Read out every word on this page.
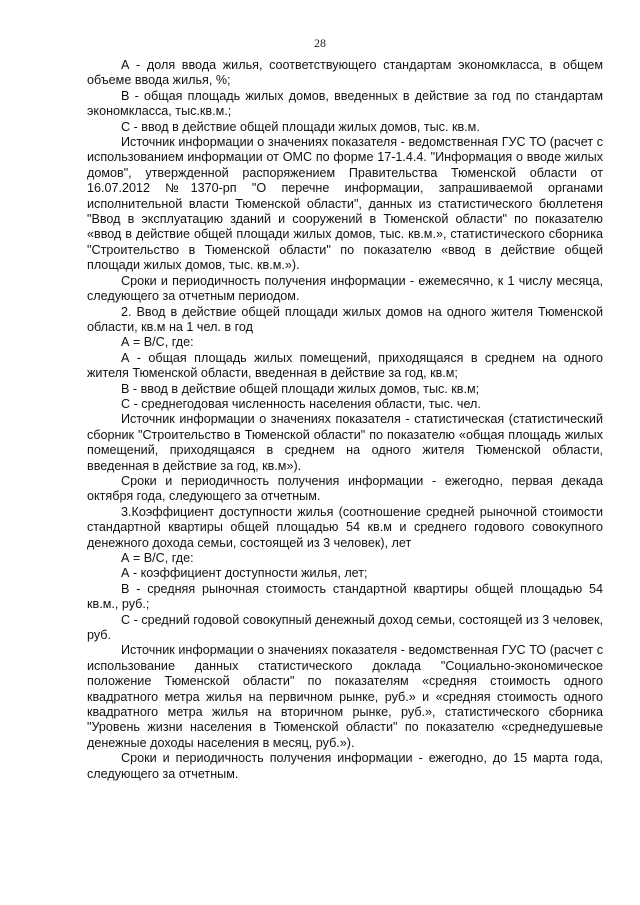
28

А - доля ввода жилья, соответствующего стандартам экономкласса, в общем объеме ввода жилья, %;

В - общая площадь жилых домов, введенных в действие за год по стандартам экономкласса, тыс.кв.м.;

С - ввод в действие общей площади жилых домов, тыс. кв.м.

Источник информации о значениях показателя - ведомственная ГУС ТО (расчет с использованием информации от ОМС по форме 17-1.4.4. "Информация о вводе жилых домов", утвержденной распоряжением Правительства Тюменской области от 16.07.2012 №1370-рп "О перечне информации, запрашиваемой органами исполнительной власти Тюменской области", данных из статистического бюллетеня "Ввод в эксплуатацию зданий и сооружений в Тюменской области" по показателю «ввод в действие общей площади жилых домов, тыс. кв.м.», статистического сборника "Строительство в Тюменской области" по показателю «ввод в действие общей площади жилых домов, тыс. кв.м.»).

Сроки и периодичность получения информации - ежемесячно, к 1 числу месяца, следующего за отчетным периодом.

2. Ввод в действие общей площади жилых домов на одного жителя Тюменской области, кв.м на 1 чел. в год

А = В/С, где:

А - общая площадь жилых помещений, приходящаяся в среднем на одного жителя Тюменской области, введенная в действие за год, кв.м;

В - ввод в действие общей площади жилых домов, тыс. кв.м;

С - среднегодовая численность населения области, тыс. чел.

Источник информации о значениях показателя - статистическая (статистический сборник "Строительство в Тюменской области" по показателю «общая площадь жилых помещений, приходящаяся в среднем на одного жителя Тюменской области, введенная в действие за год, кв.м»).

Сроки и периодичность получения информации - ежегодно, первая декада октября года, следующего за отчетным.

3.Коэффициент доступности жилья (соотношение средней рыночной стоимости стандартной квартиры общей площадью 54 кв.м и среднего годового совокупного денежного дохода семьи, состоящей из 3 человек), лет

А = В/С, где:

А - коэффициент доступности жилья, лет;

В - средняя рыночная стоимость стандартной квартиры общей площадью 54 кв.м., руб.;

С - средний годовой совокупный денежный доход семьи, состоящей из 3 человек, руб.

Источник информации о значениях показателя - ведомственная ГУС ТО (расчет с использование данных статистического доклада "Социально-экономическое положение Тюменской области" по показателям «средняя стоимость одного квадратного метра жилья на первичном рынке, руб.» и «средняя стоимость одного квадратного метра жилья на вторичном рынке, руб.», статистического сборника "Уровень жизни населения в Тюменской области" по показателю «среднедушевые денежные доходы населения в месяц, руб.»).

Сроки и периодичность получения информации - ежегодно, до 15 марта года, следующего за отчетным.
